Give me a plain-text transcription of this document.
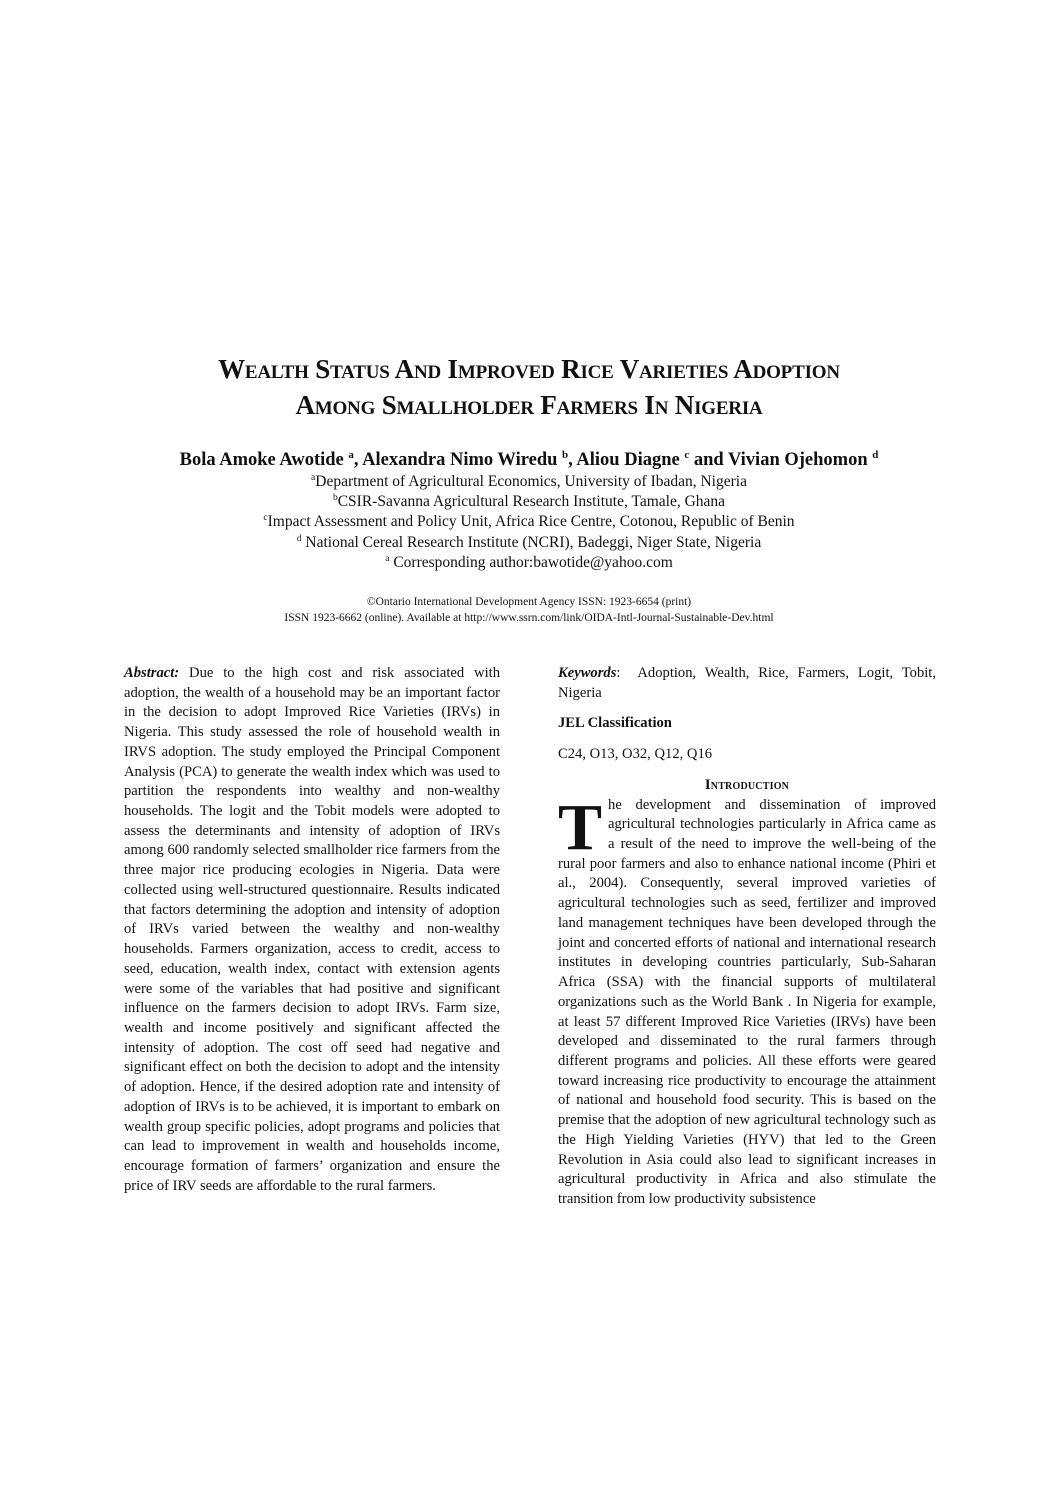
Wealth Status And Improved Rice Varieties Adoption
Among Smallholder Farmers In Nigeria
Bola Amoke Awotide $^a$, Alexandra Nimo Wiredu $^b$, Aliou Diagne $^c$ and Vivian Ojehomon $^d$
$^a$Department of Agricultural Economics, University of Ibadan, Nigeria
$^b$CSIR-Savanna Agricultural Research Institute, Tamale, Ghana
$^c$Impact Assessment and Policy Unit, Africa Rice Centre, Cotonou, Republic of Benin
$^d$ National Cereal Research Institute (NCRI), Badeggi, Niger State, Nigeria
$^a$ Corresponding author:bawotide@yahoo.com
©Ontario International Development Agency ISSN: 1923-6654 (print)
ISSN 1923-6662 (online). Available at http://www.ssrn.com/link/OIDA-Intl-Journal-Sustainable-Dev.html

Abstract: Due to the high cost and risk associated with adoption, the wealth of a household may be an important factor in the decision to adopt Improved Rice Varieties (IRVs) in Nigeria. This study assessed the role of household wealth in IRVS adoption. The study employed the Principal Component Analysis (PCA) to generate the wealth index which was used to partition the respondents into wealthy and non-wealthy households. The logit and the Tobit models were adopted to assess the determinants and intensity of adoption of IRVs among 600 randomly selected smallholder rice farmers from the three major rice producing ecologies in Nigeria. Data were collected using well-structured questionnaire. Results indicated that factors determining the adoption and intensity of adoption of IRVs varied between the wealthy and non-wealthy households. Farmers organization, access to credit, access to seed, education, wealth index, contact with extension agents were some of the variables that had positive and significant influence on the farmers decision to adopt IRVs. Farm size, wealth and income positively and significant affected the intensity of adoption. The cost off seed had negative and significant effect on both the decision to adopt and the intensity of adoption. Hence, if the desired adoption rate and intensity of adoption of IRVs is to be achieved, it is important to embark on wealth group specific policies, adopt programs and policies that can lead to improvement in wealth and households income, encourage formation of farmers’ organization and ensure the price of IRV seeds are affordable to the rural farmers.

Keywords: Adoption, Wealth, Rice, Farmers, Logit, Tobit, Nigeria

JEL Classification
C24, O13, O32, Q12, Q16
Introduction

The development and dissemination of improved agricultural technologies particularly in Africa came as a result of the need to improve the well-being of the rural poor farmers and also to enhance national income (Phiri et al., 2004). Consequently, several improved varieties of agricultural technologies such as seed, fertilizer and improved land management techniques have been developed through the joint and concerted efforts of national and international research institutes in developing countries particularly, Sub-Saharan Africa (SSA) with the financial supports of multilateral organizations such as the World Bank . In Nigeria for example, at least 57 different Improved Rice Varieties (IRVs) have been developed and disseminated to the rural farmers through different programs and policies. All these efforts were geared toward increasing rice productivity to encourage the attainment of national and household food security. This is based on the premise that the adoption of new agricultural technology such as the High Yielding Varieties (HYV) that led to the Green Revolution in Asia could also lead to significant increases in agricultural productivity in Africa and also stimulate the transition from low productivity subsistence
